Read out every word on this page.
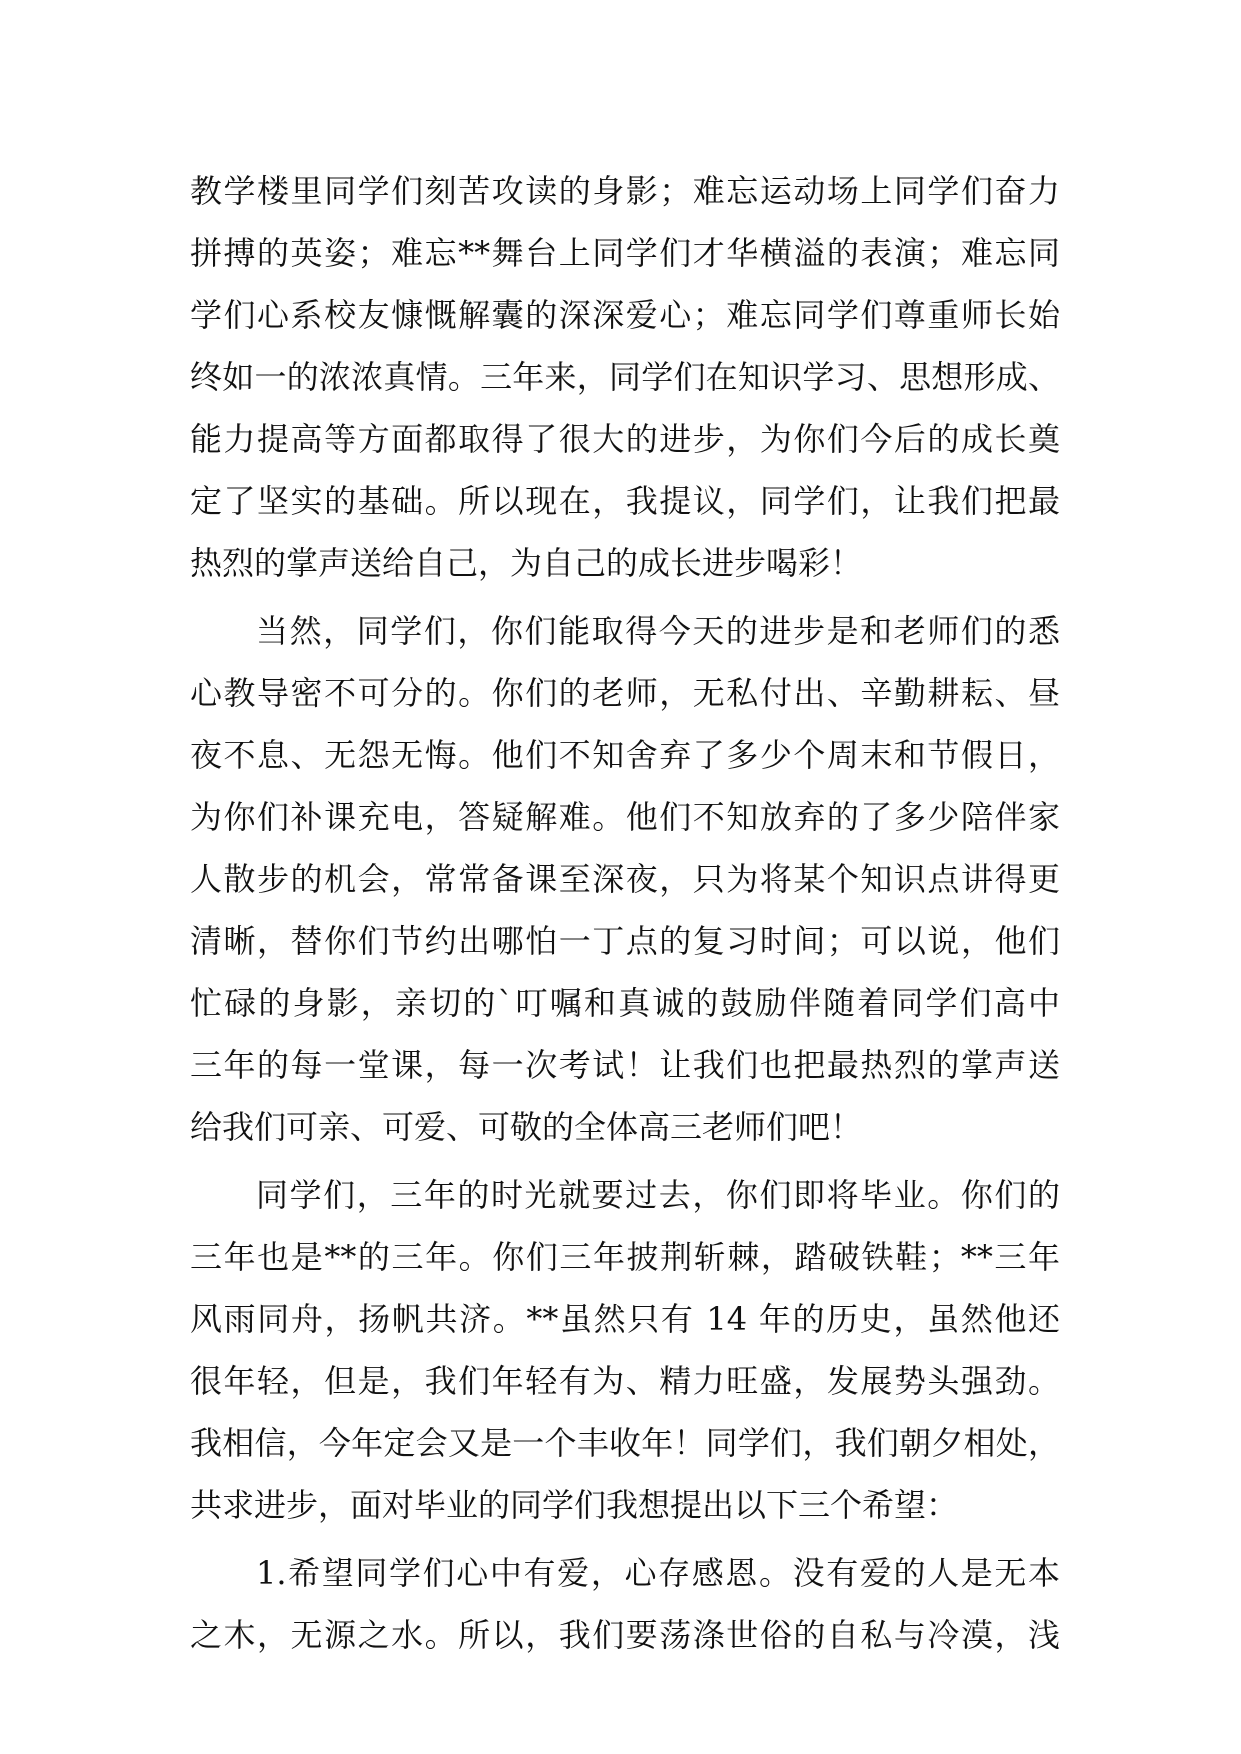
教学楼里同学们刻苦攻读的身影；难忘运动场上同学们奋力
拼搏的英姿；难忘**舞台上同学们才华横溢的表演；难忘同
学们心系校友慷慨解囊的深深爱心；难忘同学们尊重师长始
终如一的浓浓真情。三年来，同学们在知识学习、思想形成、
能力提高等方面都取得了很大的进步，为你们今后的成长奠
定了坚实的基础。所以现在，我提议，同学们，让我们把最
热烈的掌声送给自己，为自己的成长进步喝彩！
当然，同学们，你们能取得今天的进步是和老师们的悉
心教导密不可分的。你们的老师，无私付出、辛勤耕耘、昼
夜不息、无怨无悔。他们不知舍弃了多少个周末和节假日，
为你们补课充电，答疑解难。他们不知放弃的了多少陪伴家
人散步的机会，常常备课至深夜，只为将某个知识点讲得更
清晰，替你们节约出哪怕一丁点的复习时间；可以说，他们
忙碌的身影，亲切的`叮嘱和真诚的鼓励伴随着同学们高中
三年的每一堂课，每一次考试！让我们也把最热烈的掌声送
给我们可亲、可爱、可敬的全体高三老师们吧！
同学们，三年的时光就要过去，你们即将毕业。你们的
三年也是**的三年。你们三年披荆斩棘，踏破铁鞋；**三年
风雨同舟，扬帆共济。**虽然只有 14 年的历史，虽然他还
很年轻，但是，我们年轻有为、精力旺盛，发展势头强劲。
我相信，今年定会又是一个丰收年！同学们，我们朝夕相处，
共求进步，面对毕业的同学们我想提出以下三个希望：
1.希望同学们心中有爱，心存感恩。没有爱的人是无本
之木，无源之水。所以，我们要荡涤世俗的自私与冷漠，浅
